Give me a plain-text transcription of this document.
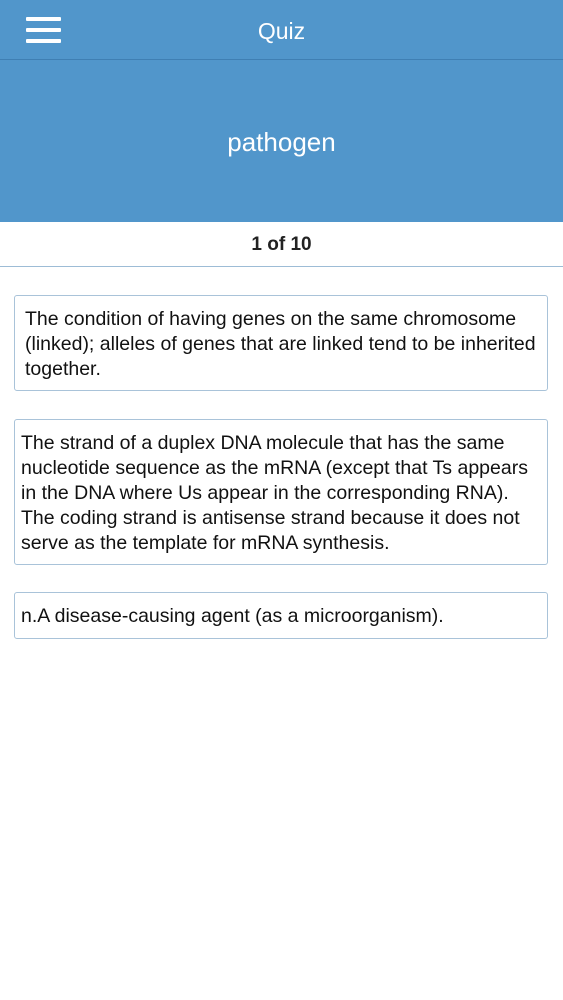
Quiz
pathogen
1 of 10
The condition of having genes on the same chromosome (linked); alleles of genes that are linked tend to be inherited together.
The strand of a duplex DNA molecule that has the same nucleotide sequence as the mRNA (except that Ts appears in the DNA where Us appear in the corresponding RNA). The coding strand is antisense strand because it does not serve as the template for mRNA synthesis.
n.A disease-causing agent (as a microorganism).
